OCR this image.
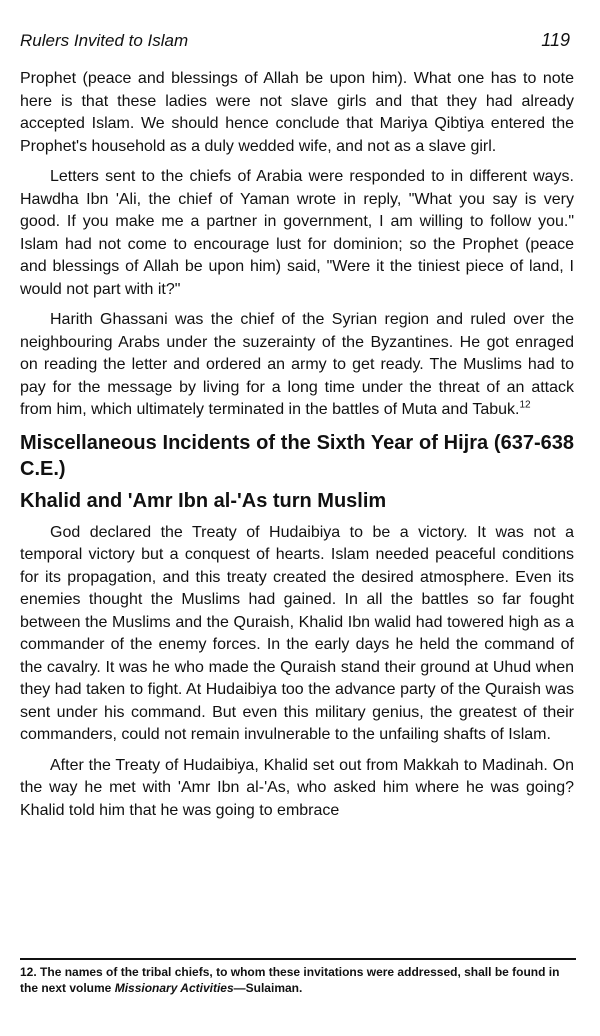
Rulers Invited to Islam	119

Prophet (peace and blessings of Allah be upon him). What one has to note here is that these ladies were not slave girls and that they had already accepted Islam. We should hence conclude that Mariya Qibtiya entered the Prophet's household as a duly wedded wife, and not as a slave girl.

Letters sent to the chiefs of Arabia were responded to in different ways. Hawdha Ibn 'Ali, the chief of Yaman wrote in reply, "What you say is very good. If you make me a partner in government, I am willing to follow you." Islam had not come to encourage lust for dominion; so the Prophet (peace and blessings of Allah be upon him) said, "Were it the tiniest piece of land, I would not part with it?"

Harith Ghassani was the chief of the Syrian region and ruled over the neighbouring Arabs under the suzerainty of the Byzantines. He got enraged on reading the letter and ordered an army to get ready. The Muslims had to pay for the message by living for a long time under the threat of an attack from him, which ultimately terminated in the battles of Muta and Tabuk.$^{12}$

Miscellaneous Incidents of the Sixth Year of Hijra (637-638 C.E.)
Khalid and 'Amr Ibn al-'As turn Muslim

God declared the Treaty of Hudaibiya to be a victory. It was not a temporal victory but a conquest of hearts. Islam needed peaceful conditions for its propagation, and this treaty created the desired atmosphere. Even its enemies thought the Muslims had gained. In all the battles so far fought between the Muslims and the Quraish, Khalid Ibn walid had towered high as a commander of the enemy forces. In the early days he held the command of the cavalry. It was he who made the Quraish stand their ground at Uhud when they had taken to fight. At Hudaibiya too the advance party of the Quraish was sent under his command. But even this military genius, the greatest of their commanders, could not remain invulnerable to the unfailing shafts of Islam.

After the Treaty of Hudaibiya, Khalid set out from Makkah to Madinah. On the way he met with 'Amr Ibn al-'As, who asked him where he was going? Khalid told him that he was going to embrace

12. The names of the tribal chiefs, to whom these invitations were addressed, shall be found in the next volume Missionary Activities—Sulaiman.
